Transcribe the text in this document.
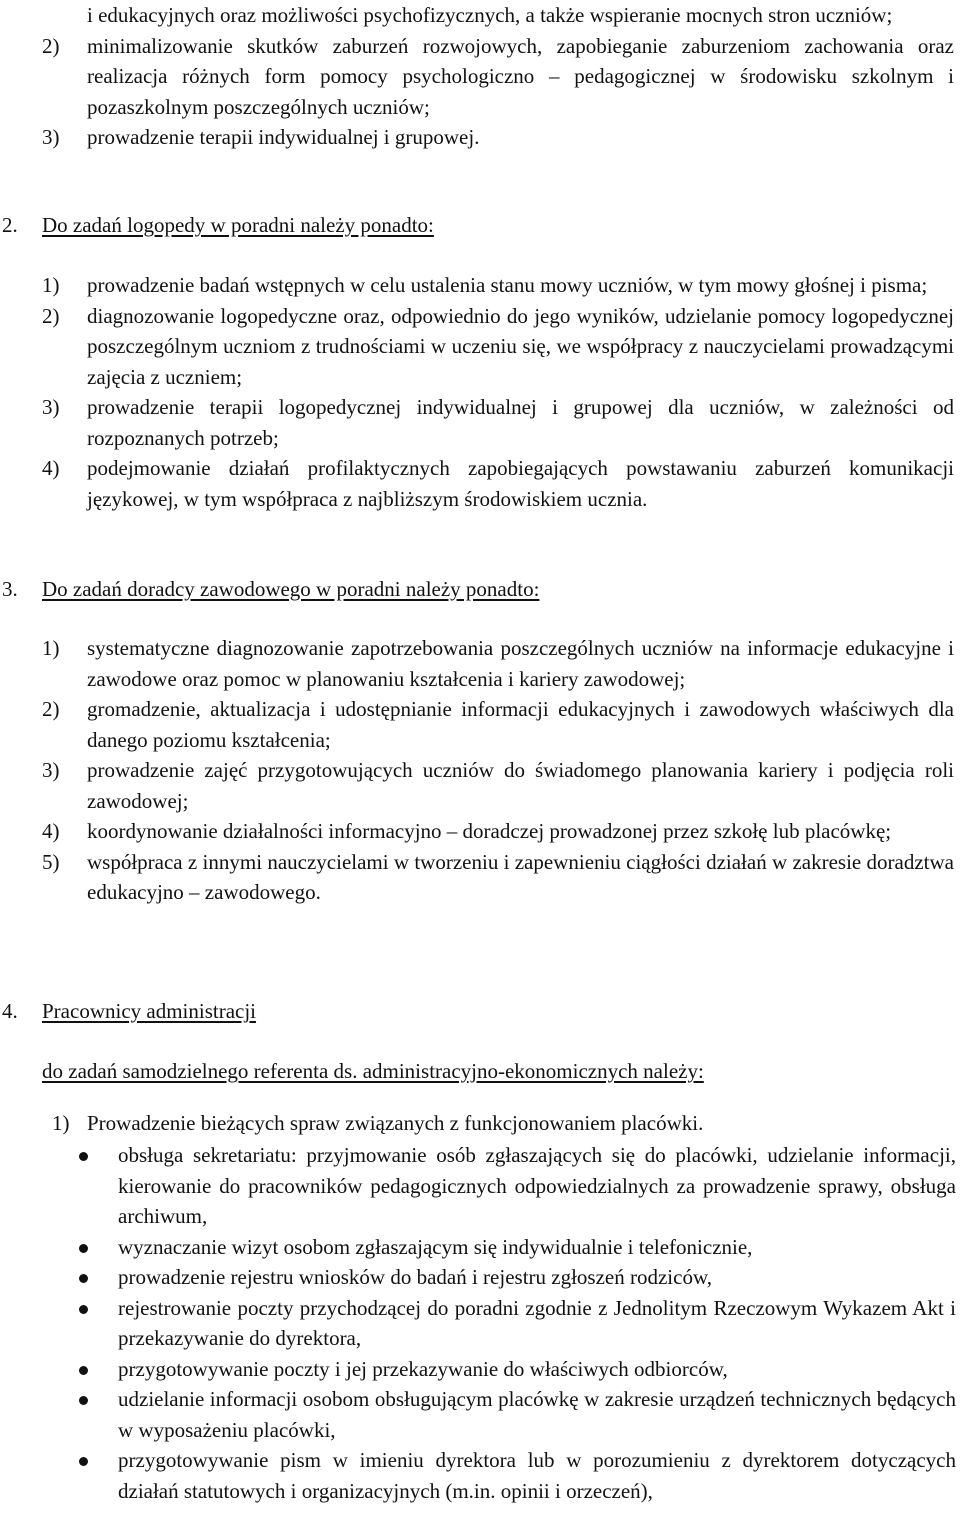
i edukacyjnych oraz możliwości psychofizycznych, a także wspieranie mocnych stron uczniów;
2) minimalizowanie skutków zaburzeń rozwojowych, zapobieganie zaburzeniom zachowania oraz realizacja różnych form pomocy psychologiczno – pedagogicznej w środowisku szkolnym i pozaszkolnym poszczególnych uczniów;
3) prowadzenie terapii indywidualnej i grupowej.
2.	Do zadań logopedy w poradni należy ponadto:
1) prowadzenie badań wstępnych w celu ustalenia stanu mowy uczniów, w tym mowy głośnej i pisma;
2) diagnozowanie logopedyczne oraz, odpowiednio do jego wyników, udzielanie pomocy logopedycznej poszczególnym uczniom z trudnościami w uczeniu się, we współpracy z nauczycielami prowadzącymi zajęcia z uczniem;
3) prowadzenie terapii logopedycznej indywidualnej i grupowej dla uczniów, w zależności od rozpoznanych potrzeb;
4) podejmowanie działań profilaktycznych zapobiegających powstawaniu zaburzeń komunikacji językowej, w tym współpraca z najbliższym środowiskiem ucznia.
3.	Do zadań doradcy zawodowego w poradni należy ponadto:
1) systematyczne diagnozowanie zapotrzebowania poszczególnych uczniów na informacje edukacyjne i zawodowe oraz pomoc w planowaniu kształcenia i kariery zawodowej;
2) gromadzenie, aktualizacja i udostępnianie informacji edukacyjnych i zawodowych właściwych dla danego poziomu kształcenia;
3) prowadzenie zajęć przygotowujących uczniów do świadomego planowania kariery i podjęcia roli zawodowej;
4) koordynowanie działalności informacyjno – doradczej prowadzonej przez szkołę lub placówkę;
5) współpraca z innymi nauczycielami w tworzeniu i zapewnieniu ciągłości działań w zakresie doradztwa edukacyjno – zawodowego.
4.	Pracownicy administracji
do zadań samodzielnego referenta ds. administracyjno-ekonomicznych należy:
1) Prowadzenie bieżących spraw związanych z funkcjonowaniem placówki.
obsługa sekretariatu: przyjmowanie osób zgłaszających się do placówki, udzielanie informacji, kierowanie do pracowników pedagogicznych odpowiedzialnych za prowadzenie sprawy, obsługa archiwum,
wyznaczanie wizyt osobom zgłaszającym się indywidualnie i telefonicznie,
prowadzenie rejestru wniosków do badań i rejestru zgłoszeń rodziców,
rejestrowanie poczty przychodzącej do poradni zgodnie z Jednolitym Rzeczowym Wykazem Akt i przekazywanie do dyrektora,
przygotowywanie poczty i jej przekazywanie do właściwych odbiorców,
udzielanie informacji osobom obsługującym placówkę w zakresie urządzeń technicznych będących w wyposażeniu placówki,
przygotowywanie pism w imieniu dyrektora lub w porozumieniu z dyrektorem dotyczących działań statutowych i organizacyjnych (m.in. opinii i orzeczeń),
